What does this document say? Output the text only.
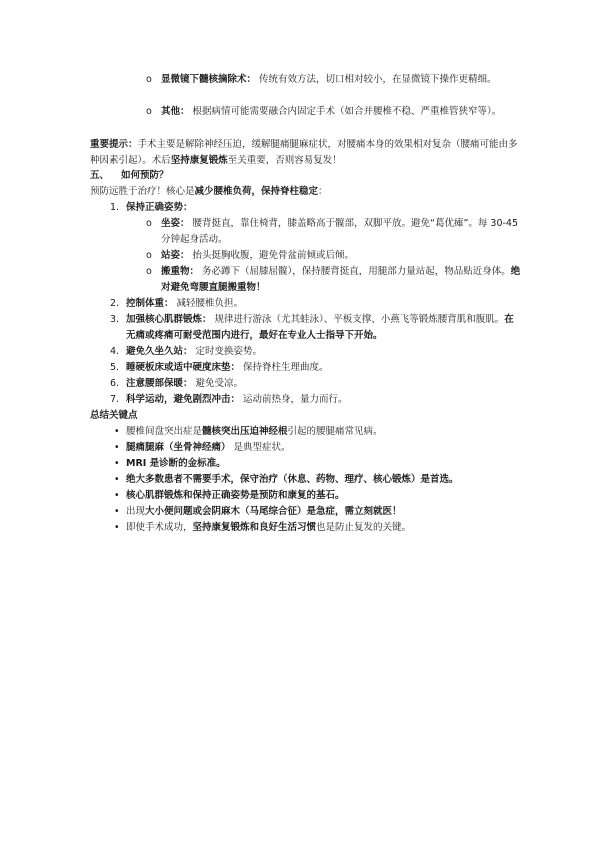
o 显微镜下髓核摘除术： 传统有效方法，切口相对较小，在显微镜下操作更精细。

o 其他： 根据病情可能需要融合内固定手术（如合并腰椎不稳、严重椎管狭窄等）。

重要提示：手术主要是解除神经压迫，缓解腿痛腿麻症状，对腰痛本身的效果相对复杂（腰痛可能由多种因素引起）。术后坚持康复锻炼至关重要，否则容易复发！

五、 如何预防？

预防远胜于治疗！核心是减少腰椎负荷，保持脊柱稳定：

1. 保持正确姿势：

o 坐姿： 腰背挺直，靠住椅背，膝盖略高于髋部，双脚平放。避免“葛优瘫”。每 30-45 分钟起身活动。

o 站姿： 抬头挺胸收腹，避免骨盆前倾或后倾。

o 搬重物： 务必蹲下（屈膝屈髋），保持腰背挺直，用腿部力量站起，物品贴近身体。绝对避免弯腰直腿搬重物！

2. 控制体重： 减轻腰椎负担。

3. 加强核心肌群锻炼： 规律进行游泳（尤其蛙泳）、平板支撑、小燕飞等锻炼腰背肌和腹肌。在无痛或疼痛可耐受范围内进行，最好在专业人士指导下开始。

4. 避免久坐久站： 定时变换姿势。

5. 睡硬板床或适中硬度床垫： 保持脊柱生理曲度。

6. 注意腰部保暖： 避免受凉。

7. 科学运动，避免剧烈冲击： 运动前热身，量力而行。

总结关键点

• 腰椎间盘突出症是髓核突出压迫神经根引起的腰腿痛常见病。

• 腿痛腿麻（坐骨神经痛） 是典型症状。

• MRI 是诊断的金标准。

• 绝大多数患者不需要手术，保守治疗（休息、药物、理疗、核心锻炼）是首选。

• 核心肌群锻炼和保持正确姿势是预防和康复的基石。

• 出现大小便问题或会阴麻木（马尾综合征）是急症，需立刻就医！

• 即使手术成功，坚持康复锻炼和良好生活习惯也是防止复发的关键。
